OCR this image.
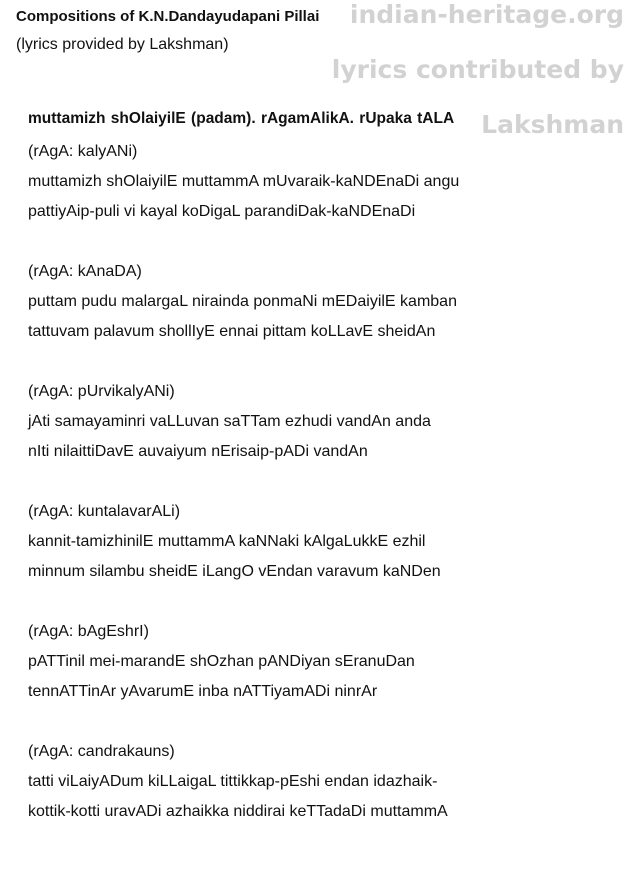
indian-heritage.org
lyrics contributed by
Lakshman
Compositions of K.N.Dandayudapani Pillai
(lyrics provided by Lakshman)
muttamizh shOlaiyilE (padam). rAgamAlikA. rUpaka tALA
(rAgA: kalyANi)
muttamizh shOlaiyilE muttammA mUvaraik-kaNDEnaDi angu
pattiyAip-puli vi kayal koDigaL parandiDak-kaNDEnaDi
(rAgA: kAnaDA)
puttam pudu malargaL niraindа ponmaNi mEDaiyilE kamban
tattuvam palavum shollIyE ennai pittam koLLavE sheidAn
(rAgA: pUrvikalyANi)
jAti samayaminri vaLLuvan saTTam ezhudi vandAn anda
nIti nilaittiDavE auvaiyum nErisaip-pADi vandAn
(rAgA: kuntalavarALi)
kannit-tamizhinilE muttammA kaNNaki kAlgaLukkE ezhil
minnum silambu sheidE iLangO vEndan varavum kaNDen
(rAgA: bAgEshrI)
pATTinil mei-marandE shOzhan pANDiyan sEranuDan
tennATTinAr yAvarumE inba nATTiyamADi ninrAr
(rAgA: candrakauns)
tatti viLaiyADum kiLLaigaL tittikkap-pEshi endan idazhaik-
kottik-kotti uravADi azhaikka niddirai keTTadaDi muttammA
